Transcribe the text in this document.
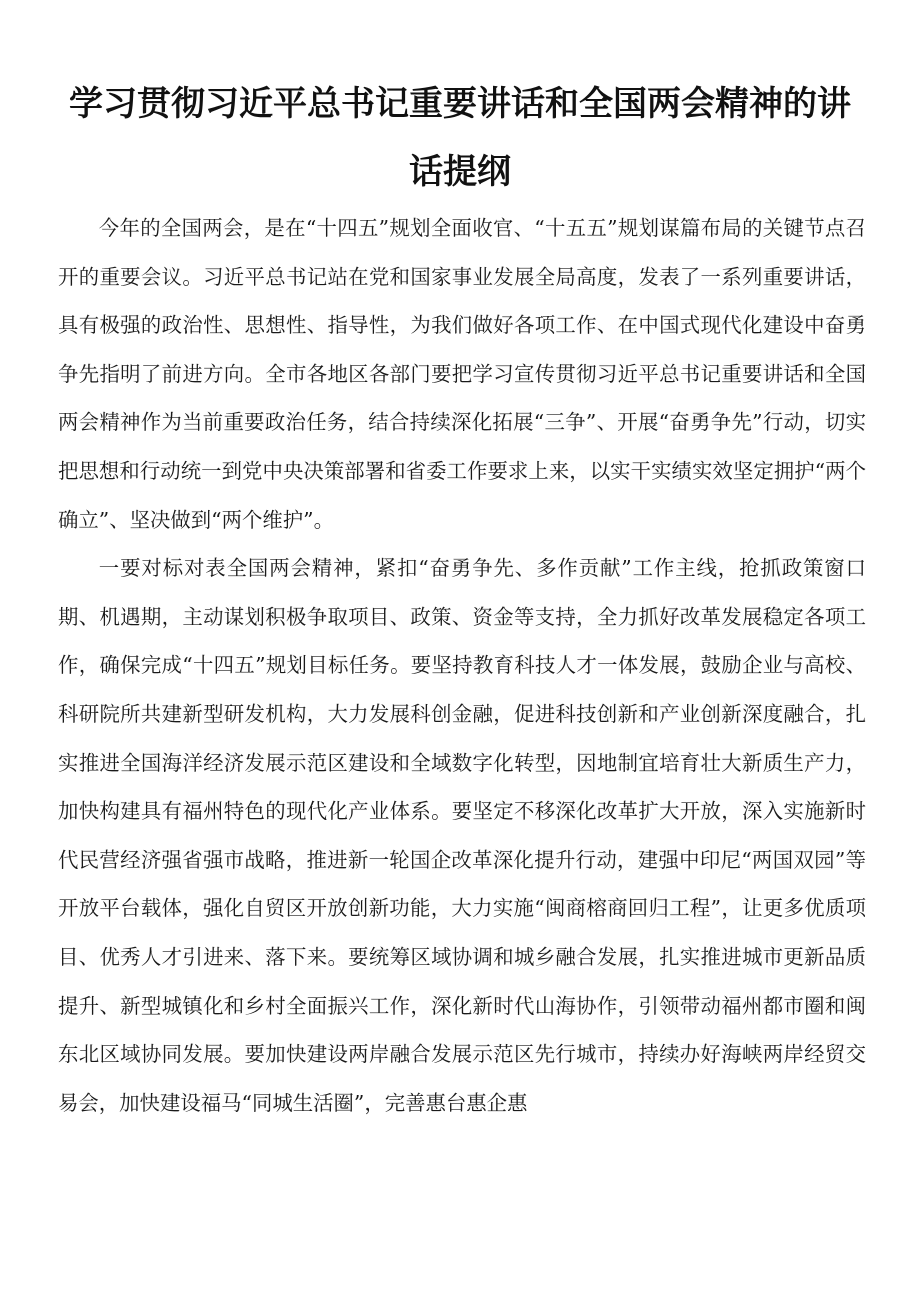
学习贯彻习近平总书记重要讲话和全国两会精神的讲话提纲

今年的全国两会，是在“十四五”规划全面收官、“十五五”规划谋篇布局的关键节点召开的重要会议。习近平总书记站在党和国家事业发展全局高度，发表了一系列重要讲话，具有极强的政治性、思想性、指导性，为我们做好各项工作、在中国式现代化建设中奋勇争先指明了前进方向。全市各地区各部门要把学习宣传贯彻习近平总书记重要讲话和全国两会精神作为当前重要政治任务，结合持续深化拓展“三争”、开展“奋勇争先”行动，切实把思想和行动统一到党中央决策部署和省委工作要求上来，以实干实绩实效坚定拥护“两个确立”、坚决做到“两个维护”。

一要对标对表全国两会精神，紧扣“奋勇争先、多作贡献”工作主线，抢抓政策窗口期、机遇期，主动谋划积极争取项目、政策、资金等支持，全力抓好改革发展稳定各项工作，确保完成“十四五”规划目标任务。要坚持教育科技人才一体发展，鼓励企业与高校、科研院所共建新型研发机构，大力发展科创金融，促进科技创新和产业创新深度融合，扎实推进全国海洋经济发展示范区建设和全域数字化转型，因地制宜培育壮大新质生产力，加快构建具有福州特色的现代化产业体系。要坚定不移深化改革扩大开放，深入实施新时代民营经济强省强市战略，推进新一轮国企改革深化提升行动，建强中印尼“两国双园”等开放平台载体，强化自贸区开放创新功能，大力实施“闽商榕商回归工程”，让更多优质项目、优秀人才引进来、落下来。要统筹区域协调和城乡融合发展，扎实推进城市更新品质提升、新型城镇化和乡村全面振兴工作，深化新时代山海协作，引领带动福州都市圈和闽东北区域协同发展。要加快建设两岸融合发展示范区先行城市，持续办好海峡两岸经贸交易会，加快建设福马“同城生活圈”，完善惠台惠企惠
